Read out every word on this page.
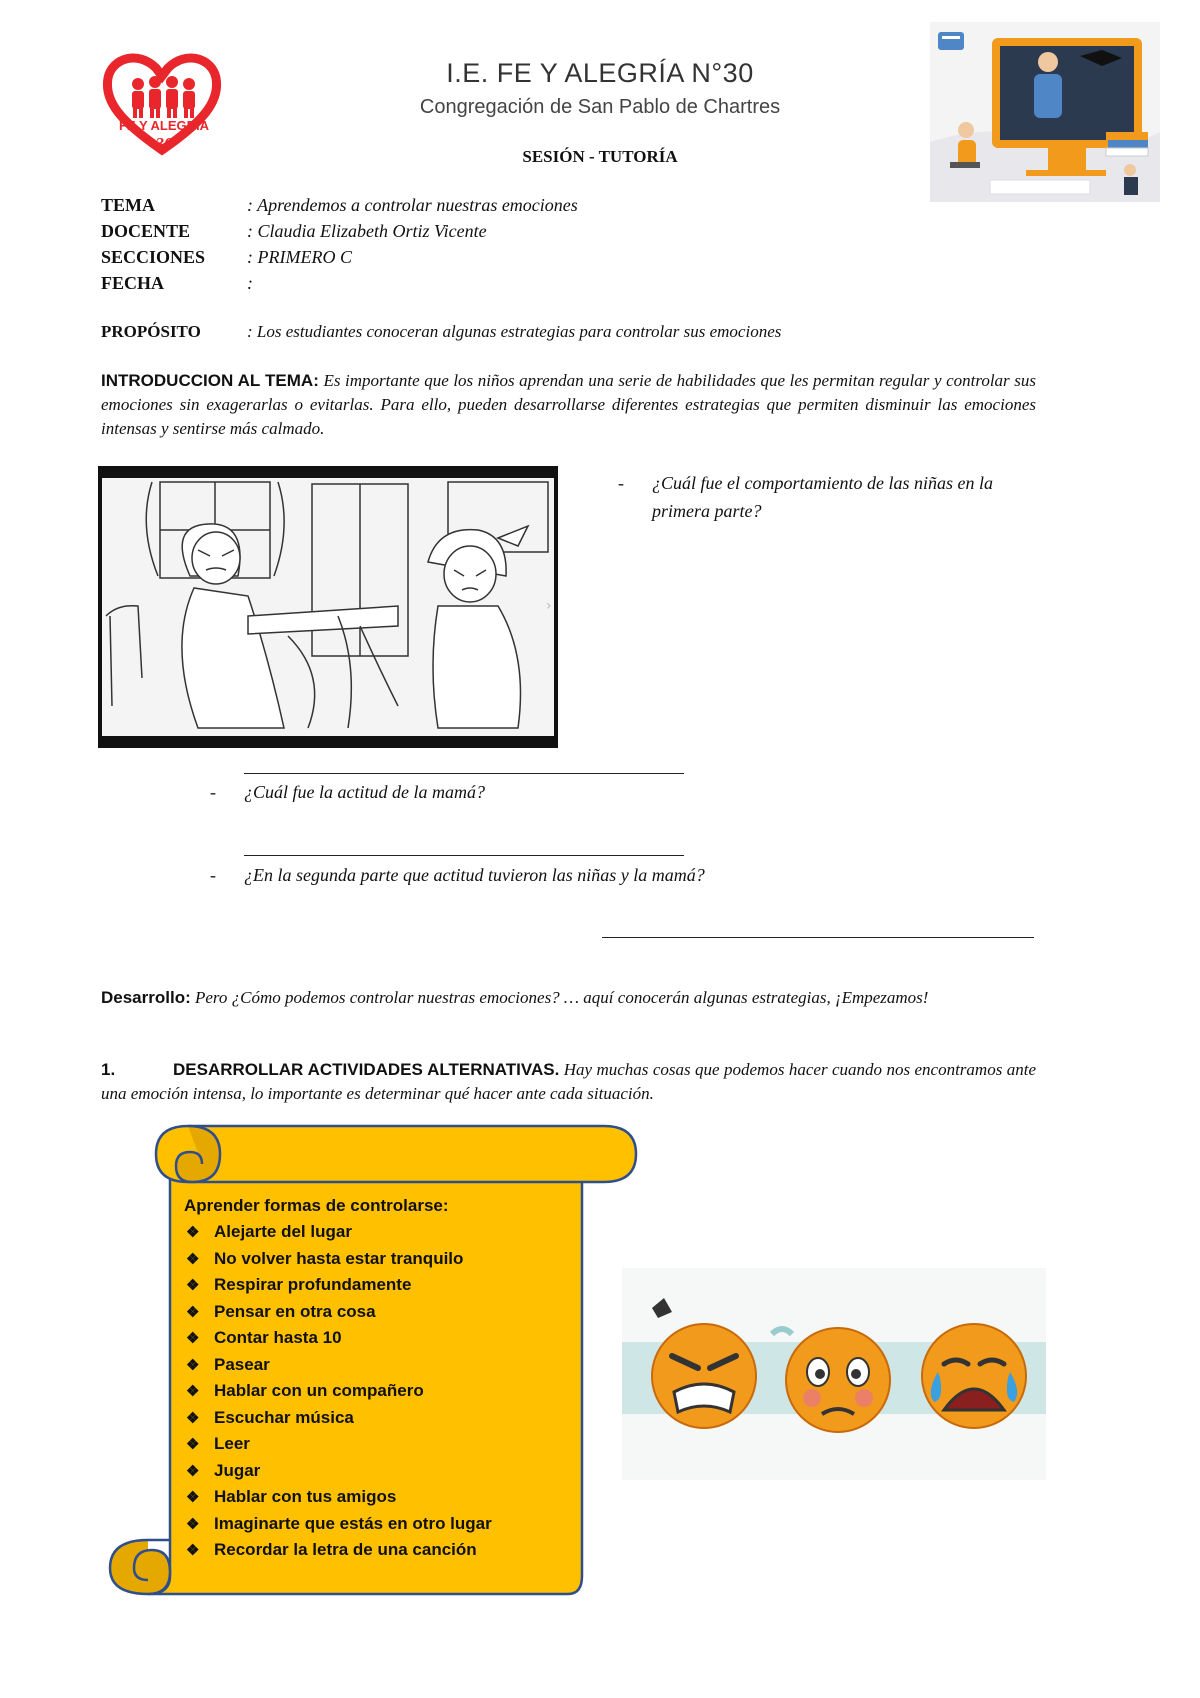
FE Y ALEGRÍA
30
I.E. FE Y ALEGRÍA N°30
Congregación de San Pablo de Chartres
SESIÓN - TUTORÍA
TEMA	: Aprendemos a controlar nuestras emociones
DOCENTE	: Claudia Elizabeth Ortiz Vicente
SECCIONES : PRIMERO C
FECHA	:
PROPÓSITO	: Los estudiantes conoceran algunas estrategias para controlar sus emociones
INTRODUCCION AL TEMA: Es importante que los niños aprendan una serie de habilidades que les permitan regular y controlar sus emociones sin exagerarlas o evitarlas. Para ello, pueden desarrollarse diferentes estrategias que permiten disminuir las emociones intensas y sentirse más calmado.
›
- ¿Cuál fue el comportamiento de las niñas en la primera parte?
- ¿Cuál fue la actitud de la mamá?
- ¿En la segunda parte que actitud tuvieron las niñas y la mamá?
Desarrollo: Pero ¿Cómo podemos controlar nuestras emociones? … aquí conocerán algunas estrategias, ¡Empezamos!
1.	DESARROLLAR ACTIVIDADES ALTERNATIVAS. Hay muchas cosas que podemos hacer cuando nos encontramos ante una emoción intensa, lo importante es determinar qué hacer ante cada situación.
Aprender formas de controlarse:
❖ Alejarte del lugar
❖ No volver hasta estar tranquilo
❖ Respirar profundamente
❖ Pensar en otra cosa
❖ Contar hasta 10
❖ Pasear
❖ Hablar con un compañero
❖ Escuchar música
❖ Leer
❖ Jugar
❖ Hablar con tus amigos
❖ Imaginarte que estás en otro lugar
❖ Recordar la letra de una canción
